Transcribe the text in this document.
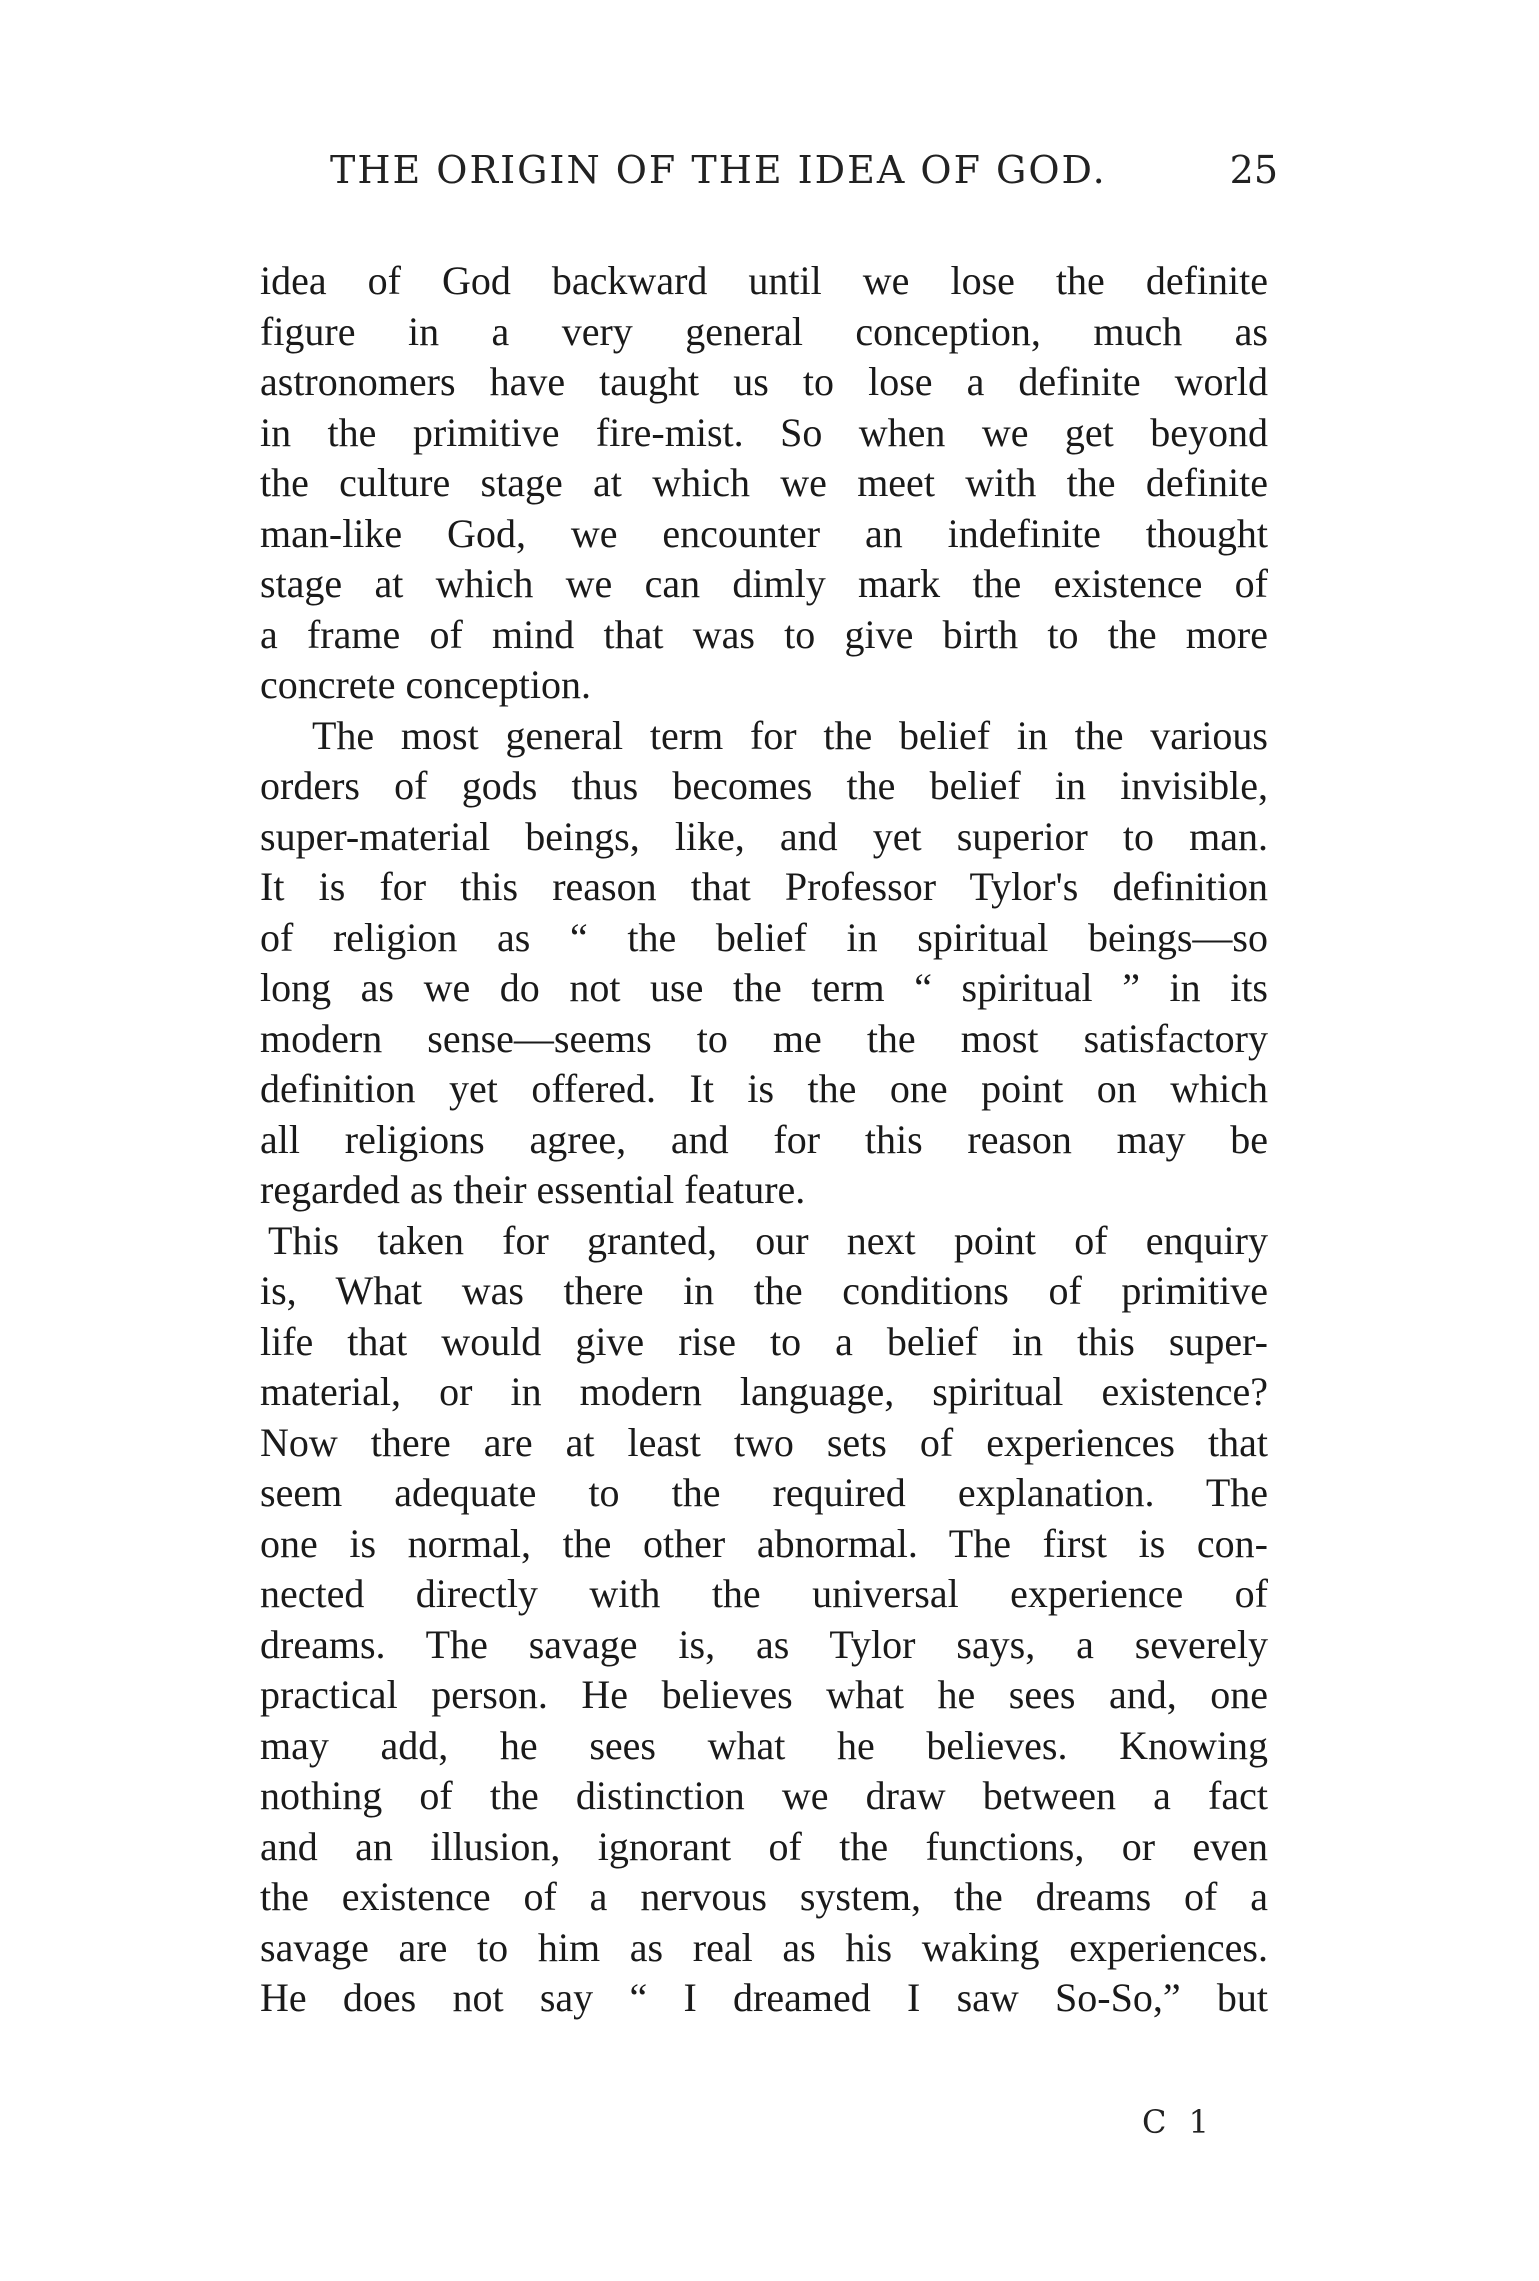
THE ORIGIN OF THE IDEA OF GOD.	25
idea of God backward until we lose the definite
figure in a very general conception, much as
astronomers have taught us to lose a definite world
in the primitive fire-mist. So when we get beyond
the culture stage at which we meet with the definite
man-like God, we encounter an indefinite thought
stage at which we can dimly mark the existence of
a frame of mind that was to give birth to the more
concrete conception.
The most general term for the belief in the various
orders of gods thus becomes the belief in invisible,
super-material beings, like, and yet superior to man.
It is for this reason that Professor Tylor's definition
of religion as “ the belief in spiritual beings—so
long as we do not use the term “ spiritual ” in its
modern sense—seems to me the most satisfactory
definition yet offered. It is the one point on which
all religions agree, and for this reason may be
regarded as their essential feature.
This taken for granted, our next point of enquiry
is, What was there in the conditions of primitive
life that would give rise to a belief in this super-
material, or in modern language, spiritual existence?
Now there are at least two sets of experiences that
seem adequate to the required explanation. The
one is normal, the other abnormal. The first is con-
nected directly with the universal experience of
dreams. The savage is, as Tylor says, a severely
practical person. He believes what he sees and, one
may add, he sees what he believes. Knowing
nothing of the distinction we draw between a fact
and an illusion, ignorant of the functions, or even
the existence of a nervous system, the dreams of a
savage are to him as real as his waking experiences.
He does not say “ I dreamed I saw So-So,” but
C 1
